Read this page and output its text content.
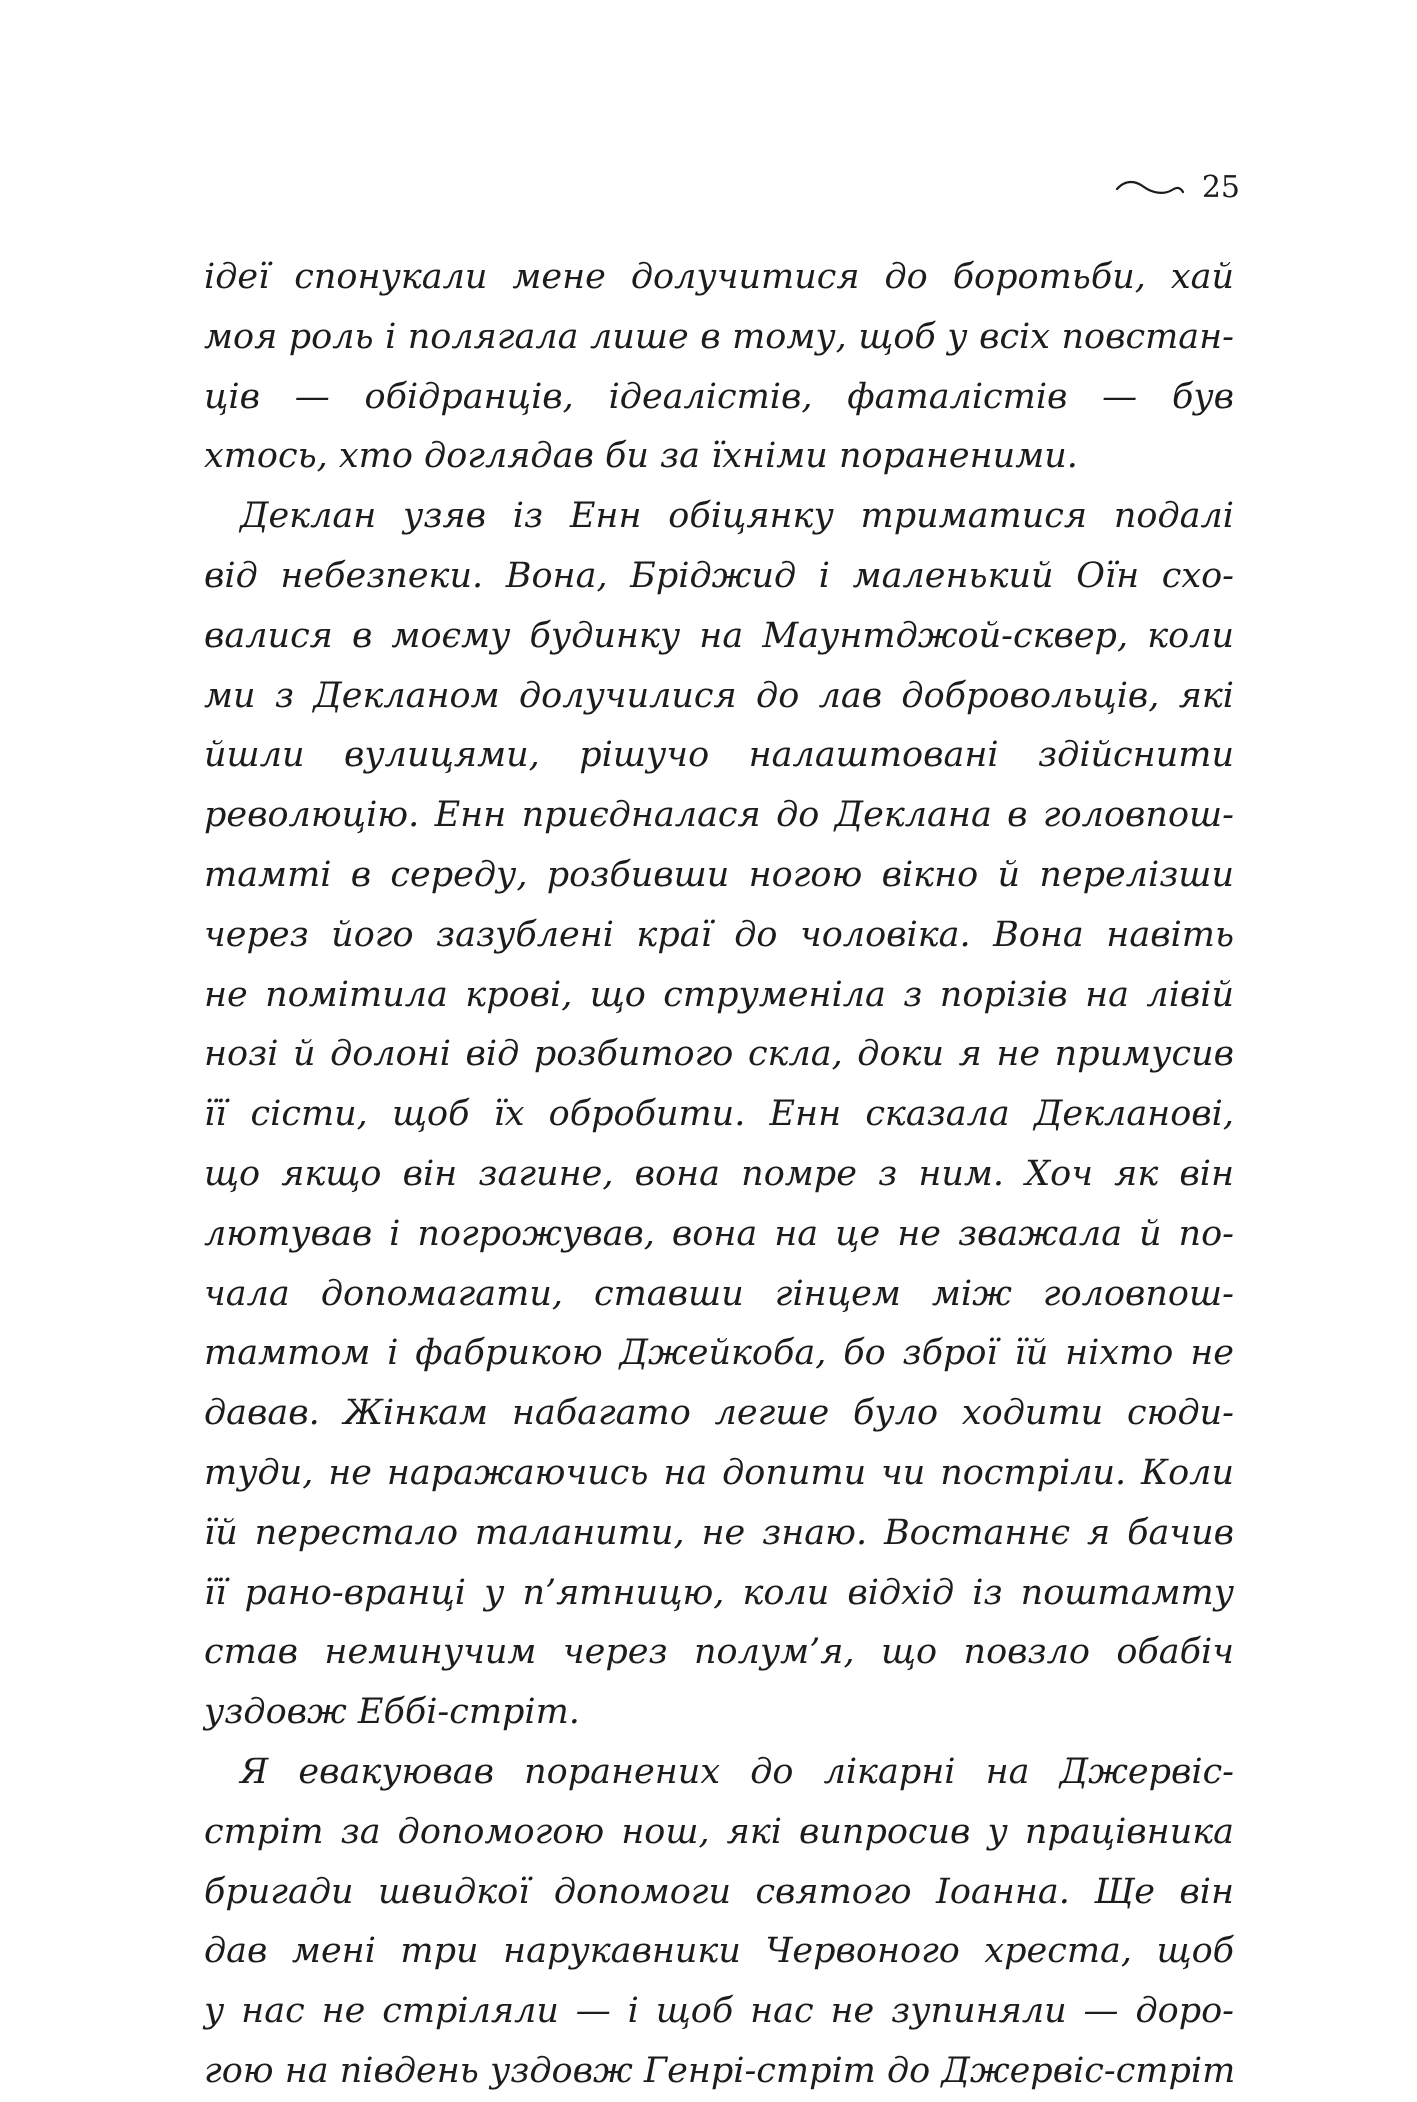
25
ідеї спонукали мене долучитися до боротьби, хай
моя роль і полягала лише в тому, щоб у всіх повстан-
ців — обідранців, ідеалістів, фаталістів — був
хтось, хто доглядав би за їхніми пораненими.
Деклан узяв із Енн обіцянку триматися подалі
від небезпеки. Вона, Бріджид і маленький Оїн схо-
валися в моєму будинку на Маунтджой-сквер, коли
ми з Декланом долучилися до лав добровольців, які
йшли вулицями, рішучо налаштовані здійснити
революцію. Енн приєдналася до Деклана в головпош-
тамті в середу, розбивши ногою вікно й перелізши
через його зазублені краї до чоловіка. Вона навіть
не помітила крові, що струменіла з порізів на лівій
нозі й долоні від розбитого скла, доки я не примусив
її сісти, щоб їх обробити. Енн сказала Декланові,
що якщо він загине, вона помре з ним. Хоч як він
лютував і погрожував, вона на це не зважала й по-
чала допомагати, ставши гінцем між головпош-
тамтом і фабрикою Джейкоба, бо зброї їй ніхто не
давав. Жінкам набагато легше було ходити сюди-
туди, не наражаючись на допити чи постріли. Коли
їй перестало таланити, не знаю. Востаннє я бачив
її рано-вранці у п’ятницю, коли відхід із поштамту
став неминучим через полум’я, що повзло обабіч
уздовж Еббі-стріт.
Я евакуював поранених до лікарні на Джервіс-
стріт за допомогою нош, які випросив у працівника
бригади швидкої допомоги святого Іоанна. Ще він
дав мені три нарукавники Червоного хреста, щоб
у нас не стріляли — і щоб нас не зупиняли — доро-
гою на південь уздовж Генрі-стріт до Джервіс-стріт
